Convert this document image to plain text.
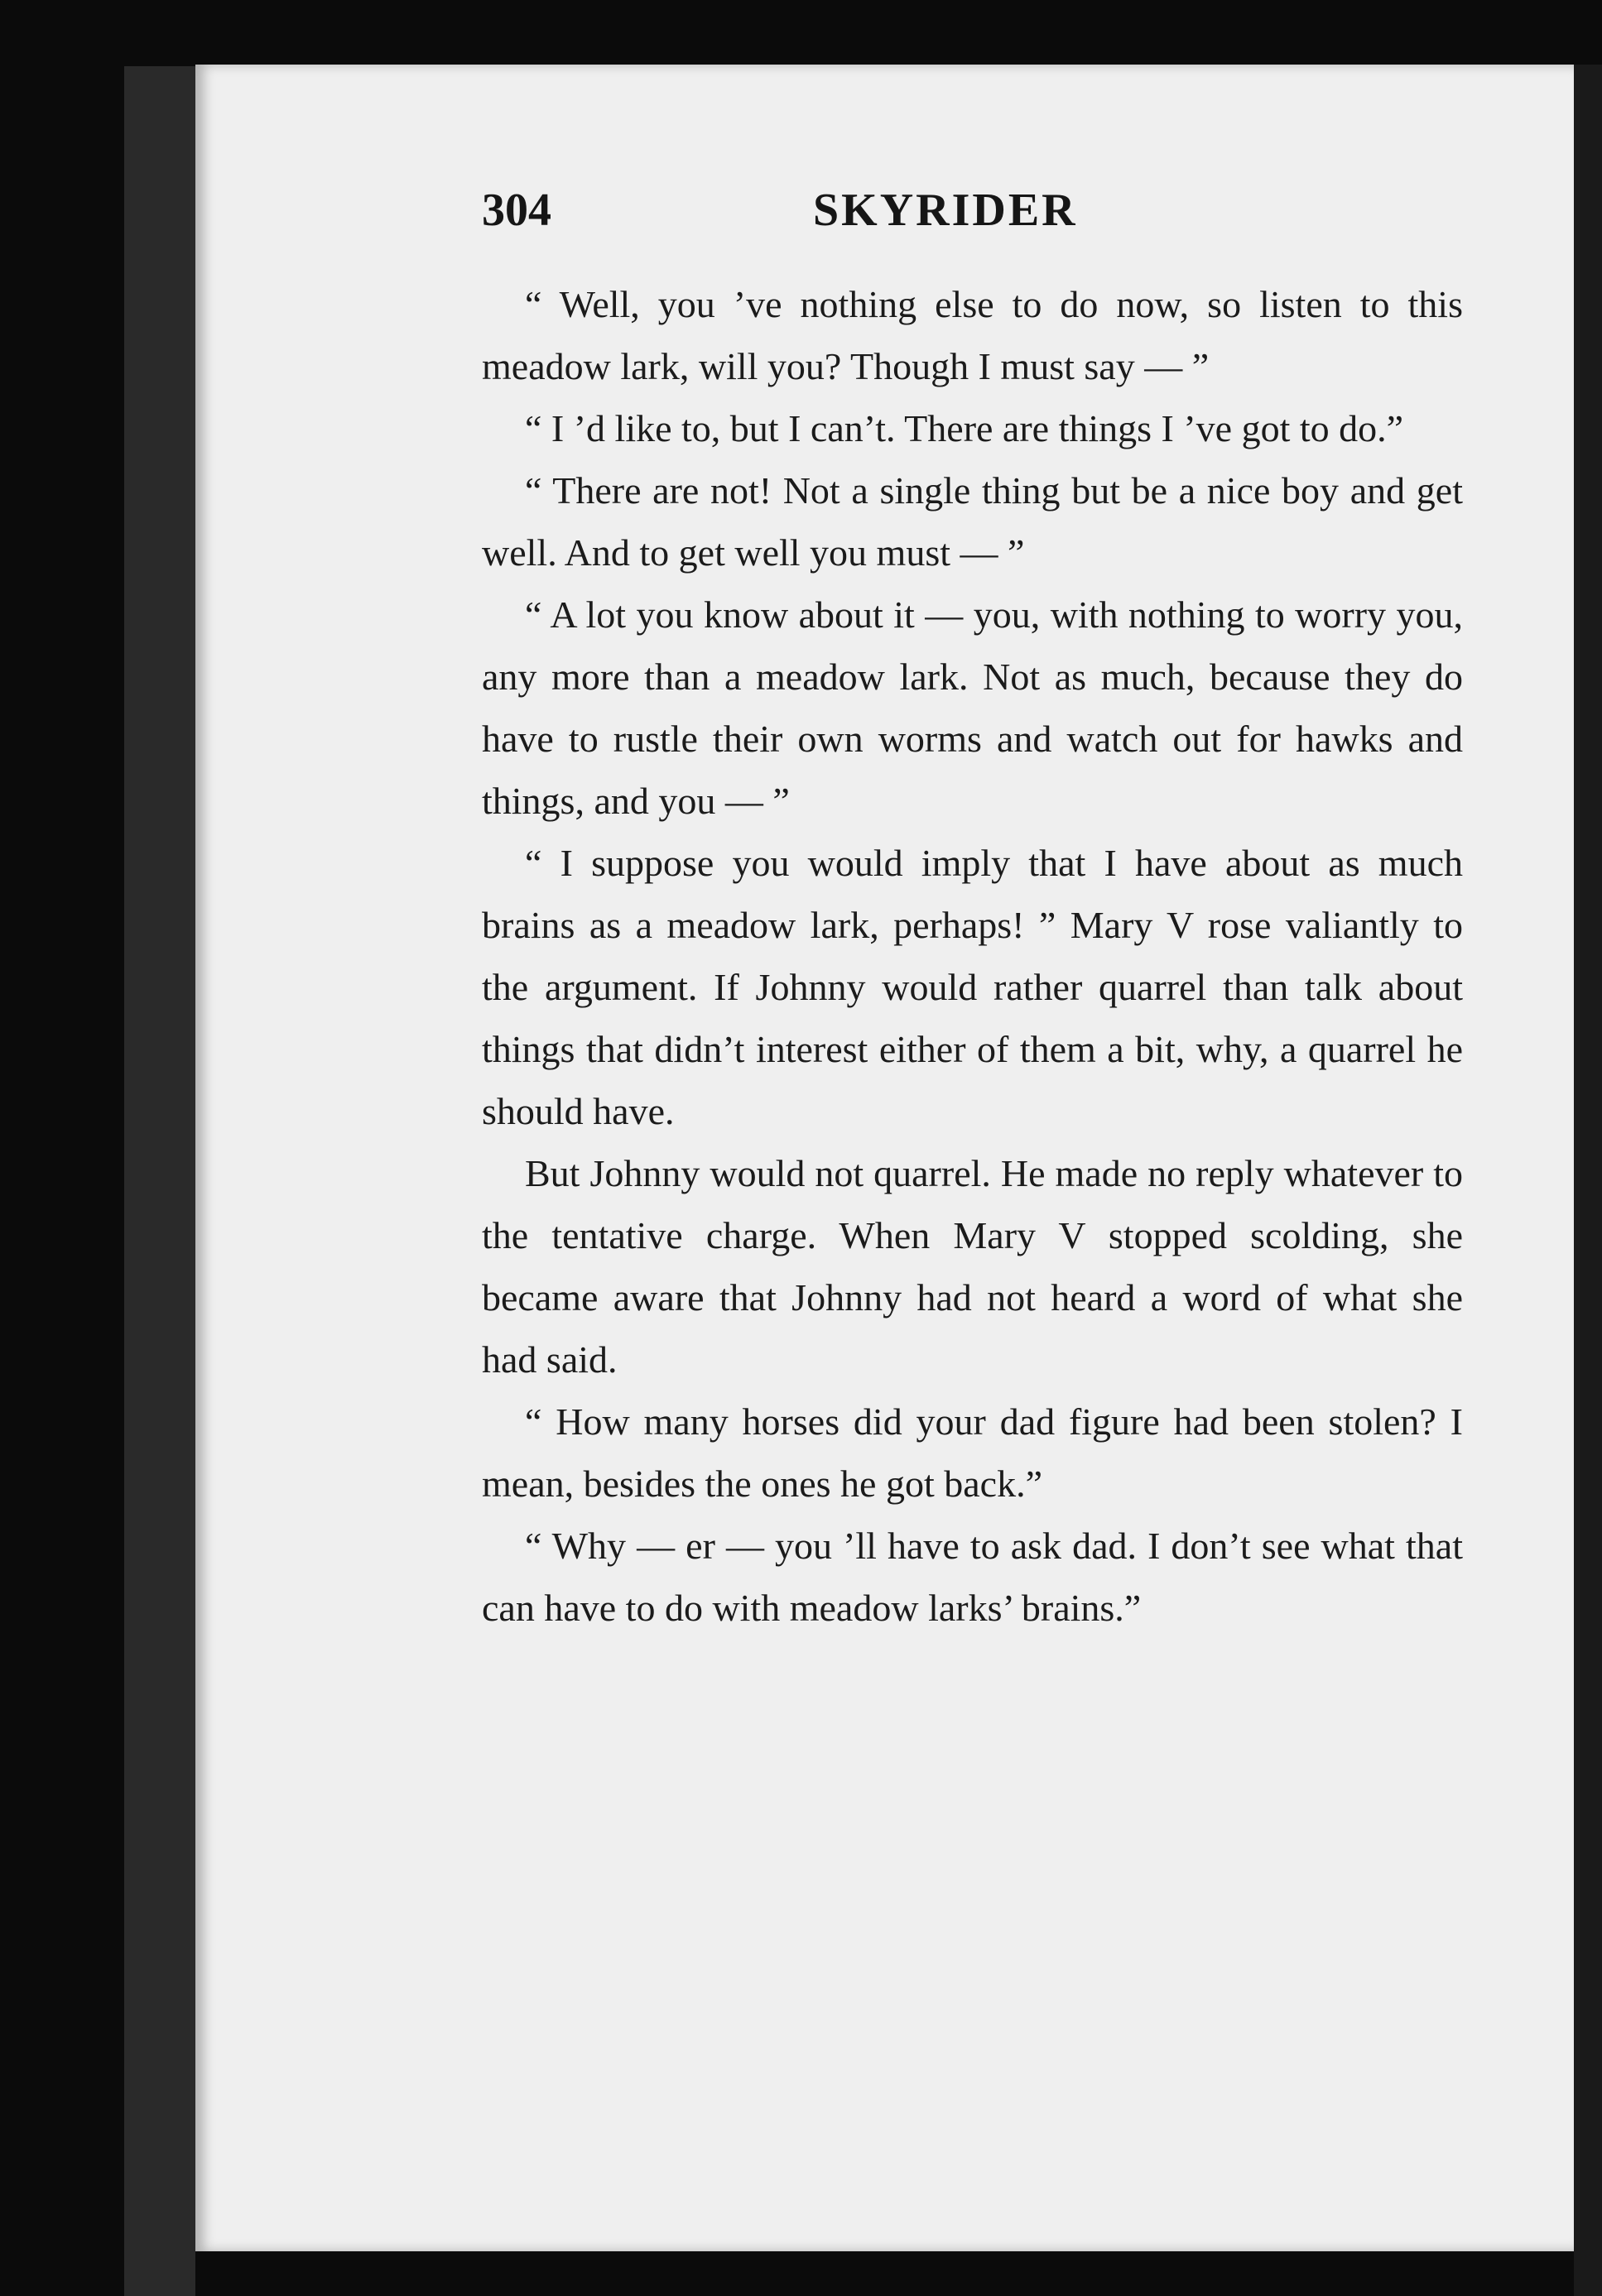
304	SKYRIDER

“ Well, you ’ve nothing else to do now, so listen to this meadow lark, will you? Though I must say — ”

“ I ’d like to, but I can’t. There are things I ’ve got to do.”

“ There are not! Not a single thing but be a nice boy and get well. And to get well you must — ”

“ A lot you know about it — you, with nothing to worry you, any more than a meadow lark. Not as much, because they do have to rustle their own worms and watch out for hawks and things, and you — ”

“ I suppose you would imply that I have about as much brains as a meadow lark, perhaps! ” Mary V rose valiantly to the argument. If Johnny would rather quarrel than talk about things that didn’t interest either of them a bit, why, a quarrel he should have.

But Johnny would not quarrel. He made no reply whatever to the tentative charge. When Mary V stopped scolding, she became aware that Johnny had not heard a word of what she had said.

“ How many horses did your dad figure had been stolen? I mean, besides the ones he got back.”

“ Why — er — you ’ll have to ask dad. I don’t see what that can have to do with meadow larks’ brains.”
